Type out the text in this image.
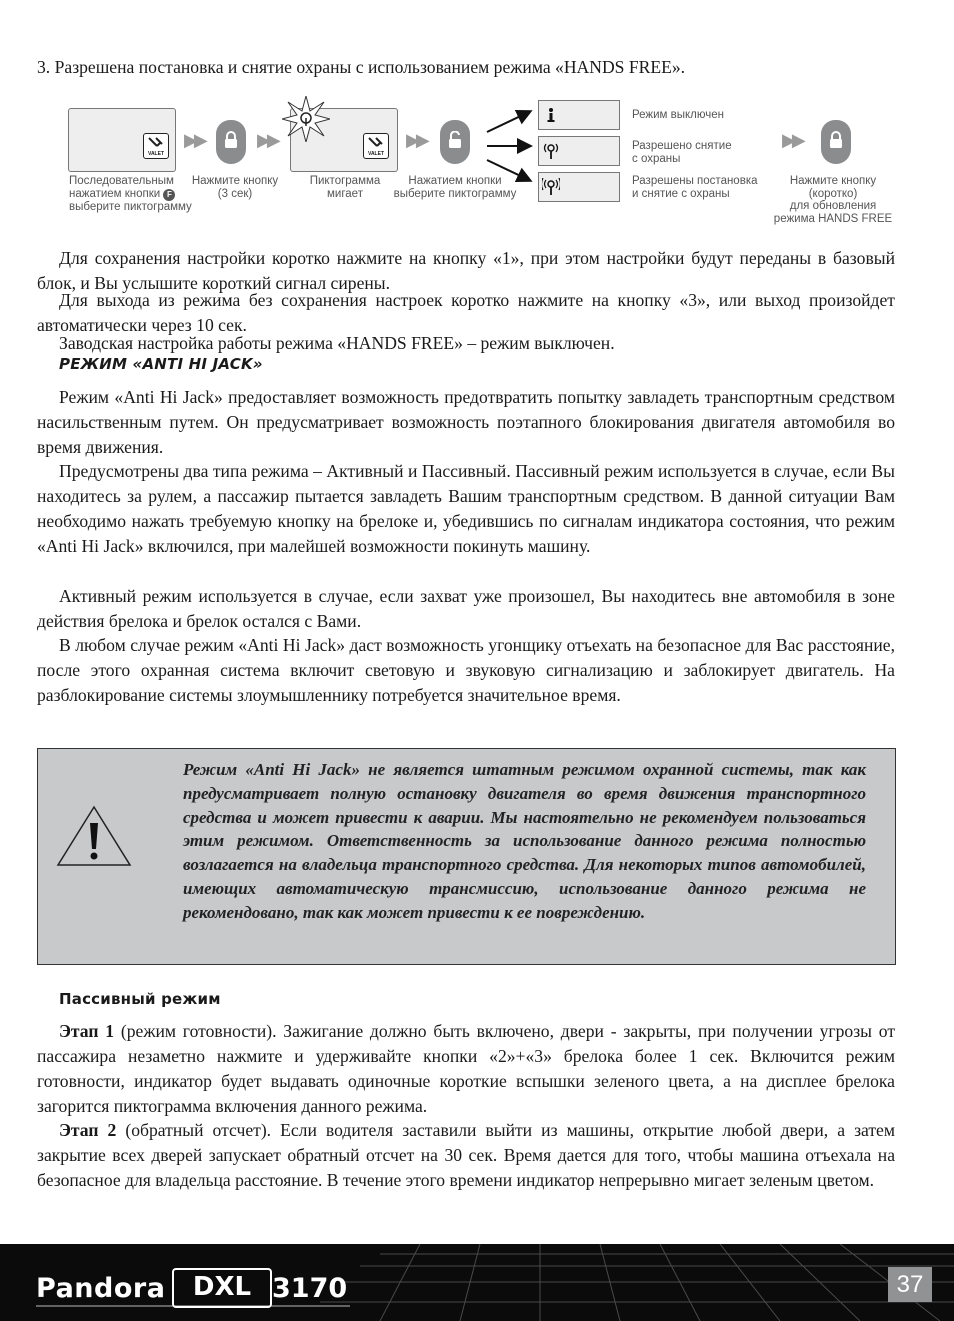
3. Разрешена постановка и снятие охраны с использованием режима «HANDS FREE».
VALET
▶▶	▶▶
VALET
▶▶
Режим выключен
Разрешено снятие
с охраны
Разрешены постановка
и снятие с охраны
▶▶
Последовательным
нажатием кнопки F
выберите пиктограмму
Нажмите кнопку
(3 сек)
Пиктограмма
мигает
Нажатием кнопки
выберите пиктограмму
Нажмите кнопку
(коротко)
для обновления
режима HANDS FREE
Для сохранения настройки коротко нажмите на кнопку «1», при этом настройки будут переданы в базовый блок, и Вы услышите короткий сигнал сирены.
Для выхода из режима без сохранения настроек коротко нажмите на кнопку «3», или выход произойдет автоматически через 10 сек.
Заводская настройка работы режима «HANDS FREE» – режим выключен.
РЕЖИМ «ANTI HI JACK»
Режим «Anti Hi Jack» предоставляет возможность предотвратить попытку завладеть транспортным средством насильственным путем. Он предусматривает возможность поэтапного блокирования двигателя автомобиля во время движения.
Предусмотрены два типа режима – Активный и Пассивный. Пассивный режим используется в случае, если Вы находитесь за рулем, а пассажир пытается завладеть Вашим транспортным средством. В данной ситуации Вам необходимо нажать требуемую кнопку на брелоке и, убедившись по сигналам индикатора состояния, что режим «Anti Hi Jack» включился, при малейшей возможности покинуть машину.
Активный режим используется в случае, если захват уже произошел, Вы находитесь вне автомобиля в зоне действия брелока и брелок остался с Вами.
В любом случае режим «Anti Hi Jack» даст возможность угонщику отъехать на безопасное для Вас расстояние, после этого охранная система включит световую и звуковую сигнализацию и заблокирует двигатель. На разблокирование системы злоумышленнику потребуется значительное время.
Режим «Anti Hi Jack» не является штатным режимом охранной системы, так как предусматривает полную остановку двигателя во время движения транспортного средства и может привести к аварии. Мы настоятельно не рекомендуем пользоваться этим режимом. Ответственность за использование данного режима полностью возлагается на владельца транспортного средства. Для некоторых типов автомобилей, имеющих автоматическую трансмиссию, использование данного режима не рекомендовано, так как может привести к ее повреждению.
Пассивный режим
Этап 1 (режим готовности). Зажигание должно быть включено, двери - закрыты, при получении угрозы от пассажира незаметно нажмите и удерживайте кнопки «2»+«3» брелока более 1 сек. Включится режим готовности, индикатор будет выдавать одиночные короткие вспышки зеленого цвета, а на дисплее брелока загорится пиктограмма включения данного режима.
Этап 2 (обратный отсчет). Если водителя заставили выйти из машины, открытие любой двери, а затем закрытие всех дверей запускает обратный отсчет на 30 сек. Время дается для того, чтобы машина отъехала на безопасное для владельца расстояние. В течение этого времени индикатор непрерывно мигает зеленым цветом.
Pandora	DXL 3170	37
